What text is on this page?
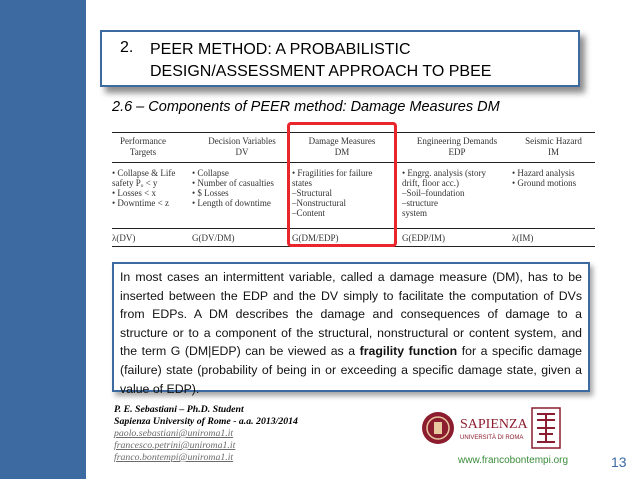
2. PEER METHOD: A PROBABILISTIC DESIGN/ASSESSMENT APPROACH TO PBEE
2.6 – Components of PEER method: Damage Measures DM
Performance
Targets
• Collapse & Life
safety Pₒ < y
• Losses < x
• Downtime < z
λ(DV)
Decision Variables
DV
• Collapse
• Number of casualties
• $ Losses
• Length of downtime
G(DV/DM)
Damage Measures
DM
• Fragilities for failure
states
–Structural
–Nonstructural
–Content
G(DM/EDP)
Engineering Demands
EDP
• Engrg. analysis (story
drift, floor acc.)
–Soil–foundation
–structure
system
G(EDP/IM)
Seismic Hazard
IM
• Hazard analysis
• Ground motions
λ(IM)
In most cases an intermittent variable, called a damage measure (DM), has to be inserted between the EDP and the DV simply to facilitate the computation of DVs from EDPs. A DM describes the damage and consequences of damage to a structure or to a component of the structural, nonstructural or content system, and the term G (DM|EDP) can be viewed as a fragility function for a specific damage (failure) state (probability of being in or exceeding a specific damage state, given a value of EDP).
P. E. Sebastiani – Ph.D. Student
Sapienza University of Rome - a.a. 2013/2014
paolo.sebastiani@uniroma1.it
francesco.petrini@uniroma1.it
franco.bontempi@uniroma1.it
SAPIENZA
UNIVERSITÀ DI ROMA
www.francobontempi.org	13
